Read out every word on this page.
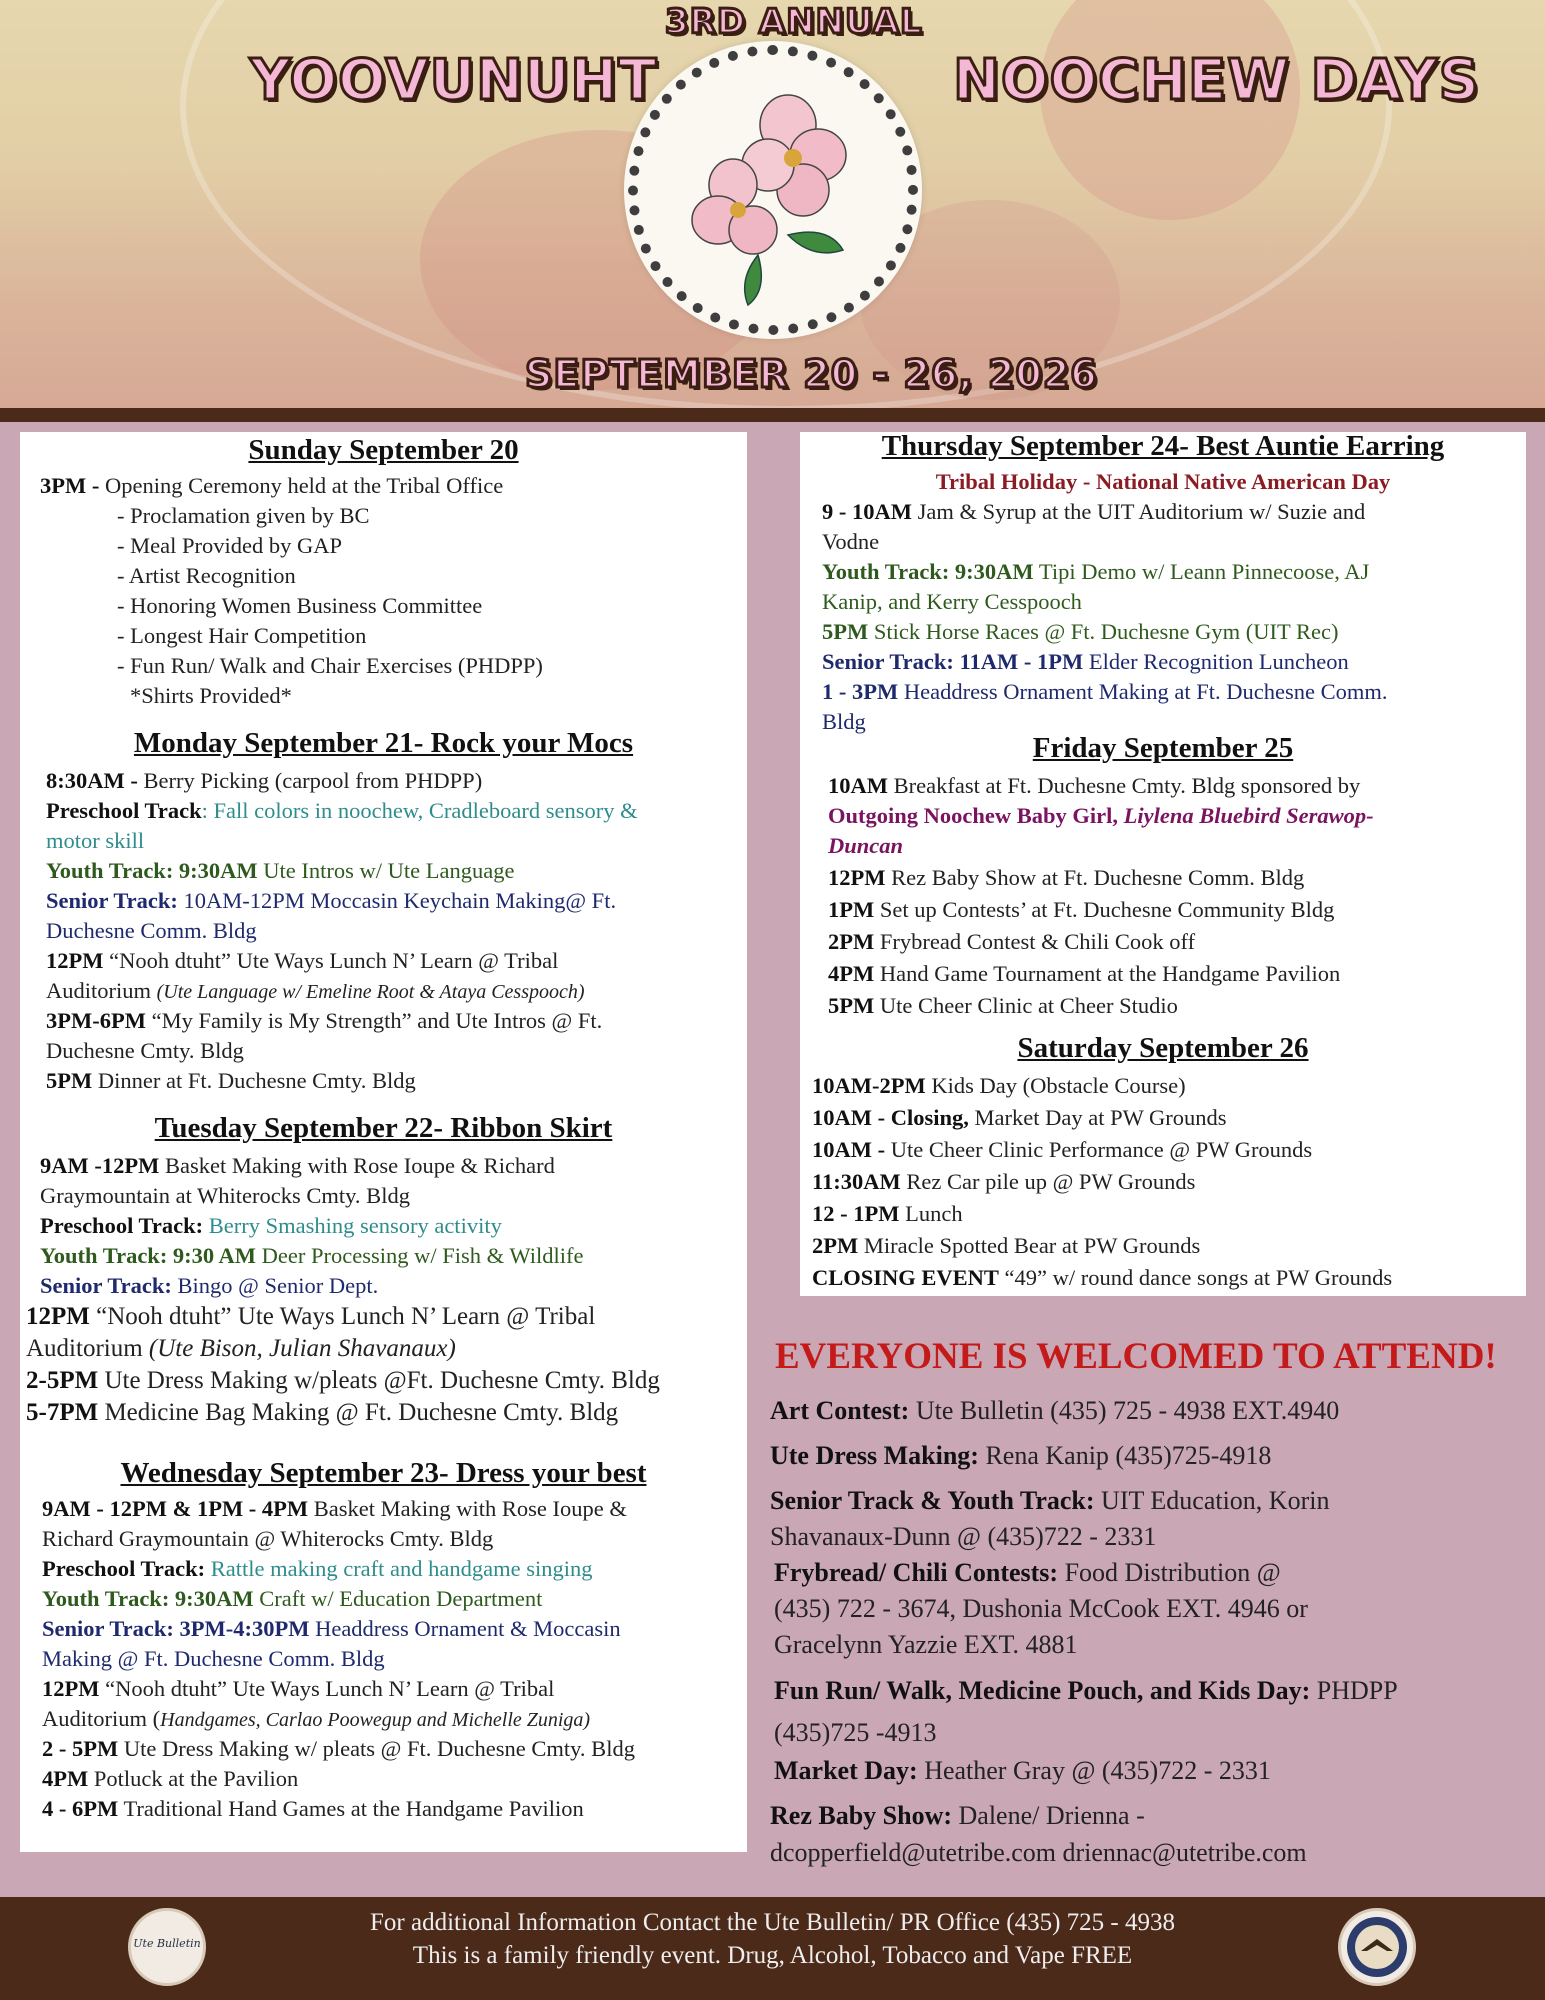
3RD ANNUAL
YOOVUNUHT	NOOCHEW DAYS
SEPTEMBER 20 - 26, 2026
Sunday September 20
3PM - Opening Ceremony held at the Tribal Office
- Proclamation given by BC
- Meal Provided by GAP
- Artist Recognition
- Honoring Women Business Committee
- Longest Hair Competition
- Fun Run/ Walk and Chair Exercises (PHDPP)
*Shirts Provided*
Monday September 21- Rock your Mocs
8:30AM - Berry Picking (carpool from PHDPP)
Preschool Track: Fall colors in noochew, Cradleboard sensory &
motor skill
Youth Track: 9:30AM Ute Intros w/ Ute Language
Senior Track: 10AM-12PM Moccasin Keychain Making@ Ft.
Duchesne Comm. Bldg
12PM “Nooh dtuht” Ute Ways Lunch N’ Learn @ Tribal
Auditorium (Ute Language w/ Emeline Root & Ataya Cesspooch)
3PM-6PM “My Family is My Strength” and Ute Intros @ Ft.
Duchesne Cmty. Bldg
5PM Dinner at Ft. Duchesne Cmty. Bldg
Tuesday September 22- Ribbon Skirt
9AM -12PM Basket Making with Rose Ioupe & Richard
Graymountain at Whiterocks Cmty. Bldg
Preschool Track: Berry Smashing sensory activity
Youth Track: 9:30 AM Deer Processing w/ Fish & Wildlife
Senior Track: Bingo @ Senior Dept.
12PM “Nooh dtuht” Ute Ways Lunch N’ Learn @ Tribal
Auditorium (Ute Bison, Julian Shavanaux)
2-5PM Ute Dress Making w/pleats @Ft. Duchesne Cmty. Bldg
5-7PM Medicine Bag Making @ Ft. Duchesne Cmty. Bldg
Wednesday September 23- Dress your best
9AM - 12PM & 1PM - 4PM Basket Making with Rose Ioupe &
Richard Graymountain @ Whiterocks Cmty. Bldg
Preschool Track: Rattle making craft and handgame singing
Youth Track: 9:30AM Craft w/ Education Department
Senior Track: 3PM-4:30PM Headdress Ornament & Moccasin
Making @ Ft. Duchesne Comm. Bldg
12PM “Nooh dtuht” Ute Ways Lunch N’ Learn @ Tribal
Auditorium (Handgames, Carlao Poowegup and Michelle Zuniga)
2 - 5PM Ute Dress Making w/ pleats @ Ft. Duchesne Cmty. Bldg
4PM Potluck at the Pavilion
4 - 6PM Traditional Hand Games at the Handgame Pavilion
Thursday September 24- Best Auntie Earring
Tribal Holiday - National Native American Day
9 - 10AM Jam & Syrup at the UIT Auditorium w/ Suzie and
Vodne
Youth Track: 9:30AM Tipi Demo w/ Leann Pinnecoose, AJ
Kanip, and Kerry Cesspooch
5PM Stick Horse Races @ Ft. Duchesne Gym (UIT Rec)
Senior Track: 11AM - 1PM Elder Recognition Luncheon
1 - 3PM Headdress Ornament Making at Ft. Duchesne Comm.
Bldg
Friday September 25
10AM Breakfast at Ft. Duchesne Cmty. Bldg sponsored by
Outgoing Noochew Baby Girl, Liylena Bluebird Serawop-
Duncan
12PM Rez Baby Show at Ft. Duchesne Comm. Bldg
1PM Set up Contests’ at Ft. Duchesne Community Bldg
2PM Frybread Contest & Chili Cook off
4PM Hand Game Tournament at the Handgame Pavilion
5PM Ute Cheer Clinic at Cheer Studio
Saturday September 26
10AM-2PM Kids Day (Obstacle Course)
10AM - Closing, Market Day at PW Grounds
10AM - Ute Cheer Clinic Performance @ PW Grounds
11:30AM Rez Car pile up @ PW Grounds
12 - 1PM Lunch
2PM Miracle Spotted Bear at PW Grounds
CLOSING EVENT “49” w/ round dance songs at PW Grounds
EVERYONE IS WELCOMED TO ATTEND!
Art Contest: Ute Bulletin (435) 725 - 4938 EXT.4940
Ute Dress Making: Rena Kanip (435)725-4918
Senior Track & Youth Track: UIT Education, Korin
Shavanaux-Dunn @ (435)722 - 2331
Frybread/ Chili Contests: Food Distribution @
(435) 722 - 3674, Dushonia McCook EXT. 4946 or
Gracelynn Yazzie EXT. 4881
Fun Run/ Walk, Medicine Pouch, and Kids Day: PHDPP
(435)725 -4913
Market Day: Heather Gray @ (435)722 - 2331
Rez Baby Show: Dalene/ Drienna -
dcopperfield@utetribe.com driennac@utetribe.com
For additional Information Contact the Ute Bulletin/ PR Office (435) 725 - 4938
This is a family friendly event. Drug, Alcohol, Tobacco and Vape FREE
Ute Bulletin
